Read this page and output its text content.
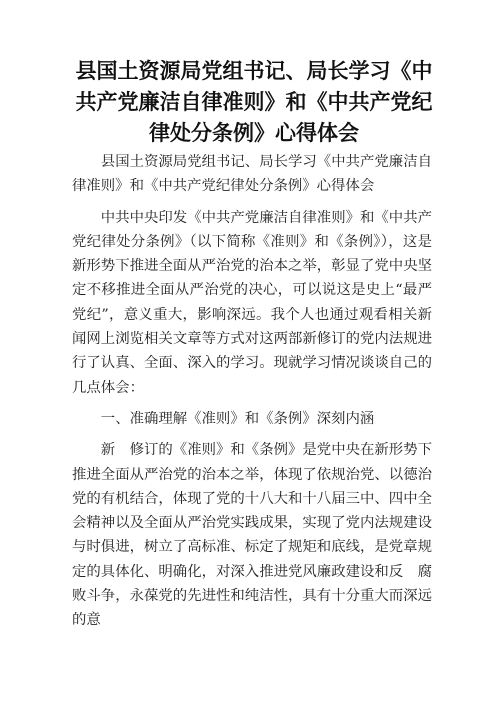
县国土资源局党组书记、局长学习《中共产党廉洁自律准则》和《中共产党纪律处分条例》心得体会

县国土资源局党组书记、局长学习《中共产党廉洁自律准则》和《中共产党纪律处分条例》心得体会

中共中央印发《中共产党廉洁自律准则》和《中共产党纪律处分条例》（以下简称《准则》和《条例》），这是新形势下推进全面从严治党的治本之举，彰显了党中央坚定不移推进全面从严治党的决心，可以说这是史上“最严党纪”，意义重大，影响深远。我个人也通过观看相关新闻网上浏览相关文章等方式对这两部新修订的党内法规进行了认真、全面、深入的学习。现就学习情况谈谈自己的几点体会：

一、准确理解《准则》和《条例》深刻内涵

新　修订的《准则》和《条例》是党中央在新形势下推进全面从严治党的治本之举，体现了依规治党、以德治党的有机结合，体现了党的十八大和十八届三中、四中全会精神以及全面从严治党实践成果，实现了党内法规建设与时俱进，树立了高标准、标定了规矩和底线，是党章规定的具体化、明确化，对深入推进党风廉政建设和反　腐败斗争，永葆党的先进性和纯洁性，具有十分重大而深远的意
